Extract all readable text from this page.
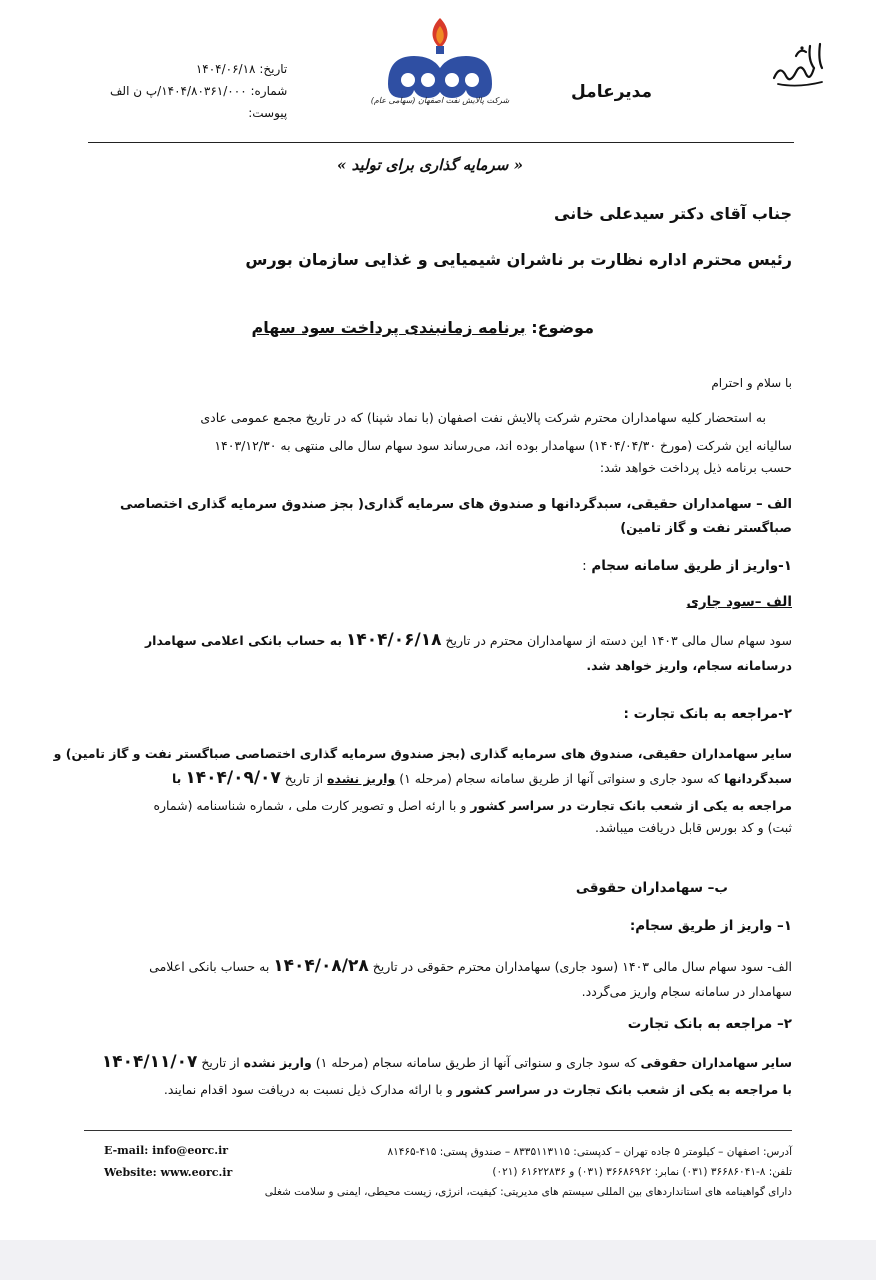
مدیرعامل
شرکت پالایش نفت اصفهان (سهامی عام)
تاریخ: ۱۴۰۴/۰۶/۱۸
شماره: ۱۴۰۴/۸۰۳۶۱/۰۰۰/پ ن الف
پیوست:
« سرمایه گذاری برای تولید »
جناب آقای دکتر سیدعلی خانی
رئیس محترم اداره نظارت بر ناشران شیمیایی و غذایی سازمان بورس
موضوع: برنامه زمانبندی پرداخت سود سهام
با سلام و احترام
به استحضار کلیه سهامداران محترم شرکت پالایش نفت اصفهان (با نماد شپنا) که در تاریخ مجمع عمومی عادی
سالیانه این شرکت (مورخ ۱۴۰۴/۰۴/۳۰) سهامدار بوده اند، می‌رساند سود سهام سال مالی منتهی به ۱۴۰۳/۱۲/۳۰
حسب برنامه ذیل پرداخت خواهد شد:
الف – سهامداران حقیقی، سبدگردانها و صندوق های سرمایه گذاری( بجز صندوق سرمایه گذاری اختصاصی
صباگستر نفت و گاز تامین)
۱-واریز از طریق سامانه سجام :
الف –سود جاری
سود سهام سال مالی ۱۴۰۳ این دسته از سهامداران محترم در تاریخ ۱۴۰۴/۰۶/۱۸ به حساب بانکی اعلامی سهامدار
درسامانه سجام، واریز خواهد شد.
۲-مراجعه به بانک تجارت :
سایر سهامداران حقیقی، صندوق های سرمایه گذاری (بجز صندوق سرمایه گذاری اختصاصی صباگستر نفت و گاز تامین) و
سبدگردانها که سود جاری و سنواتی آنها از طریق سامانه سجام (مرحله ۱) واریز نشده از تاریخ ۱۴۰۴/۰۹/۰۷ با
مراجعه به یکی از شعب بانک تجارت در سراسر کشور و با ارئه اصل و تصویر کارت ملی ، شماره شناسنامه (شماره
ثبت) و کد بورس قابل دریافت میباشد.
ب– سهامداران حقوقی
۱– واریز از طریق سجام:
الف- سود سهام سال مالی ۱۴۰۳ (سود جاری) سهامداران محترم حقوقی در تاریخ ۱۴۰۴/۰۸/۲۸ به حساب بانکی اعلامی
سهامدار در سامانه سجام واریز می‌گردد.
۲– مراجعه به بانک تجارت
سایر سهامداران حقوقی که سود جاری و سنواتی آنها از طریق سامانه سجام (مرحله ۱) واریز نشده از تاریخ ۱۴۰۴/۱۱/۰۷
با مراجعه به یکی از شعب بانک تجارت در سراسر کشور و با ارائه مدارک ذیل نسبت به دریافت سود اقدام نمایند.
آدرس: اصفهان – کیلومتر ۵ جاده تهران – کدپستی: ۸۳۳۵۱۱۳۱۱۵ – صندوق پستی: ۴۱۵-۸۱۴۶۵
تلفن: ۸-۳۶۶۸۶۰۴۱ (۰۳۱) نمابر: ۳۶۶۸۶۹۶۲ (۰۳۱) و ۶۱۶۲۲۸۳۶ (۰۲۱)
دارای گواهینامه های استانداردهای بین المللی سیستم های مدیریتی: کیفیت، انرژی، زیست محیطی، ایمنی و سلامت شغلی
E-mail: info@eorc.ir
Website: www.eorc.ir
